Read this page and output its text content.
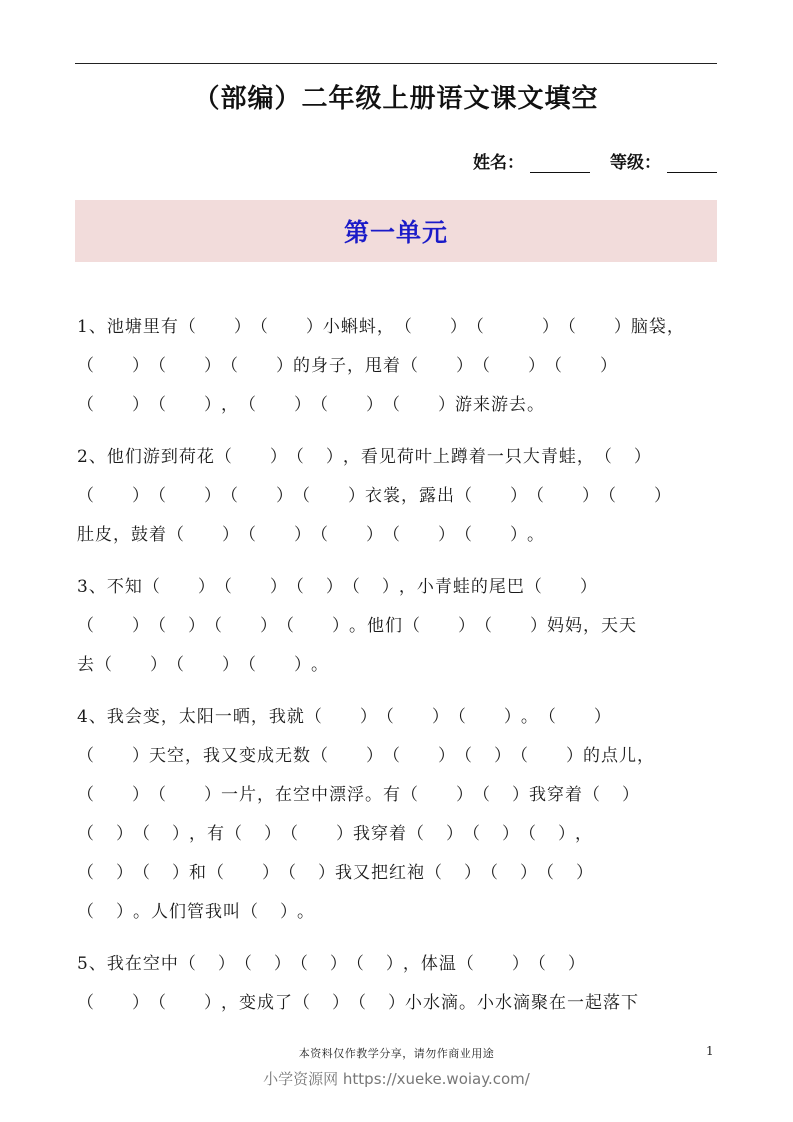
（部编）二年级上册语文课文填空
姓名：	等级：
第一单元
1、池塘里有（ ）（ ）小蝌蚪，（ ）（	）（ ）脑袋，
（ ）（ ）（ ）的身子，甩着（ ）（ ）（ ）
（ ）（ ），（ ）（ ）（ ）游来游去。
2、他们游到荷花（ ）（ ），看见荷叶上蹲着一只大青蛙，（ ）
（ ）（ ）（ ）（ ）衣裳，露出（ ）（ ）（ ）
肚皮，鼓着（ ）（ ）（ ）（ ）（ ）。
3、不知（ ）（ ）（ ）（ ），小青蛙的尾巴（ ）
（ ）（ ）（ ）（ ）。他们（ ）（ ）妈妈，天天
去（ ）（ ）（ ）。
4、我会变，太阳一晒，我就（ ）（ ）（ ）。（ ）
（ ）天空，我又变成无数（ ）（ ）（ ）（ ）的点儿，
（ ）（ ）一片，在空中漂浮。有（ ）（ ）我穿着（ ）
（ ）（ ），有（ ）（ ）我穿着（ ）（ ）（ ），
（ ）（ ）和（ ）（ ）我又把红袍（ ）（ ）（ ）
（ ）。人们管我叫（ ）。
5、我在空中（ ）（ ）（ ）（ ），体温（ ）（ ）
（ ）（ ），变成了（ ）（ ）小水滴。小水滴聚在一起落下
本资料仅作教学分享，请勿作商业用途	1
小学资源网 https://xueke.woiay.com/
